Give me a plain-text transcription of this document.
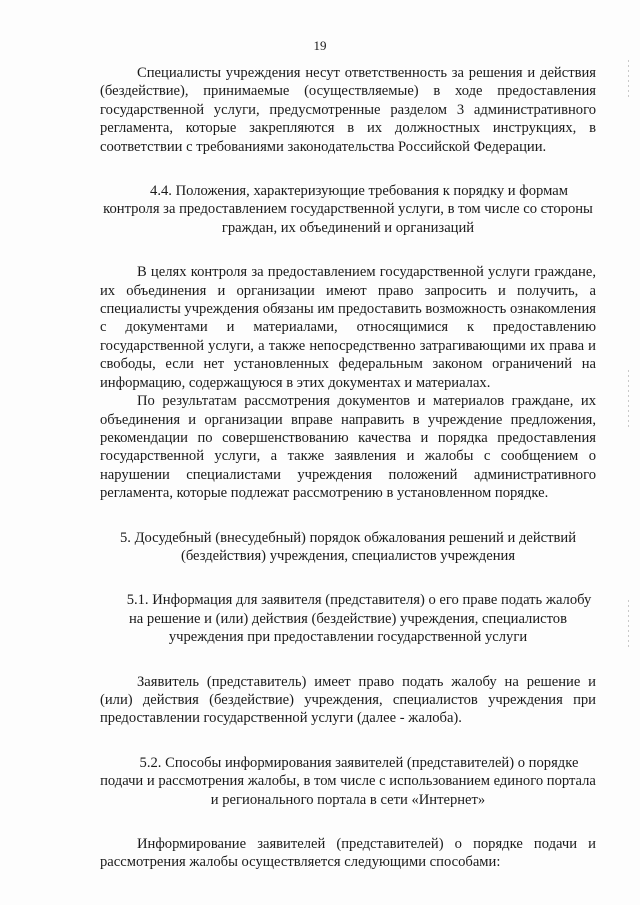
19

Специалисты учреждения несут ответственность за решения и действия (бездействие), принимаемые (осуществляемые) в ходе предоставления государственной услуги, предусмотренные разделом 3 административного регламента, которые закрепляются в их должностных инструкциях, в соответствии с требованиями законодательства Российской Федерации.

4.4. Положения, характеризующие требования к порядку и формам контроля за предоставлением государственной услуги, в том числе со стороны граждан, их объединений и организаций

В целях контроля за предоставлением государственной услуги граждане, их объединения и организации имеют право запросить и получить, а специалисты учреждения обязаны им предоставить возможность ознакомления с документами и материалами, относящимися к предоставлению государственной услуги, а также непосредственно затрагивающими их права и свободы, если нет установленных федеральным законом ограничений на информацию, содержащуюся в этих документах и материалах.

По результатам рассмотрения документов и материалов граждане, их объединения и организации вправе направить в учреждение предложения, рекомендации по совершенствованию качества и порядка предоставления государственной услуги, а также заявления и жалобы с сообщением о нарушении специалистами учреждения положений административного регламента, которые подлежат рассмотрению в установленном порядке.

5. Досудебный (внесудебный) порядок обжалования решений и действий (бездействия) учреждения, специалистов учреждения

5.1. Информация для заявителя (представителя) о его праве подать жалобу на решение и (или) действия (бездействие) учреждения, специалистов учреждения при предоставлении государственной услуги

Заявитель (представитель) имеет право подать жалобу на решение и (или) действия (бездействие) учреждения, специалистов учреждения при предоставлении государственной услуги (далее - жалоба).

5.2. Способы информирования заявителей (представителей) о порядке подачи и рассмотрения жалобы, в том числе с использованием единого портала и регионального портала в сети «Интернет»

Информирование заявителей (представителей) о порядке подачи и рассмотрения жалобы осуществляется следующими способами:
